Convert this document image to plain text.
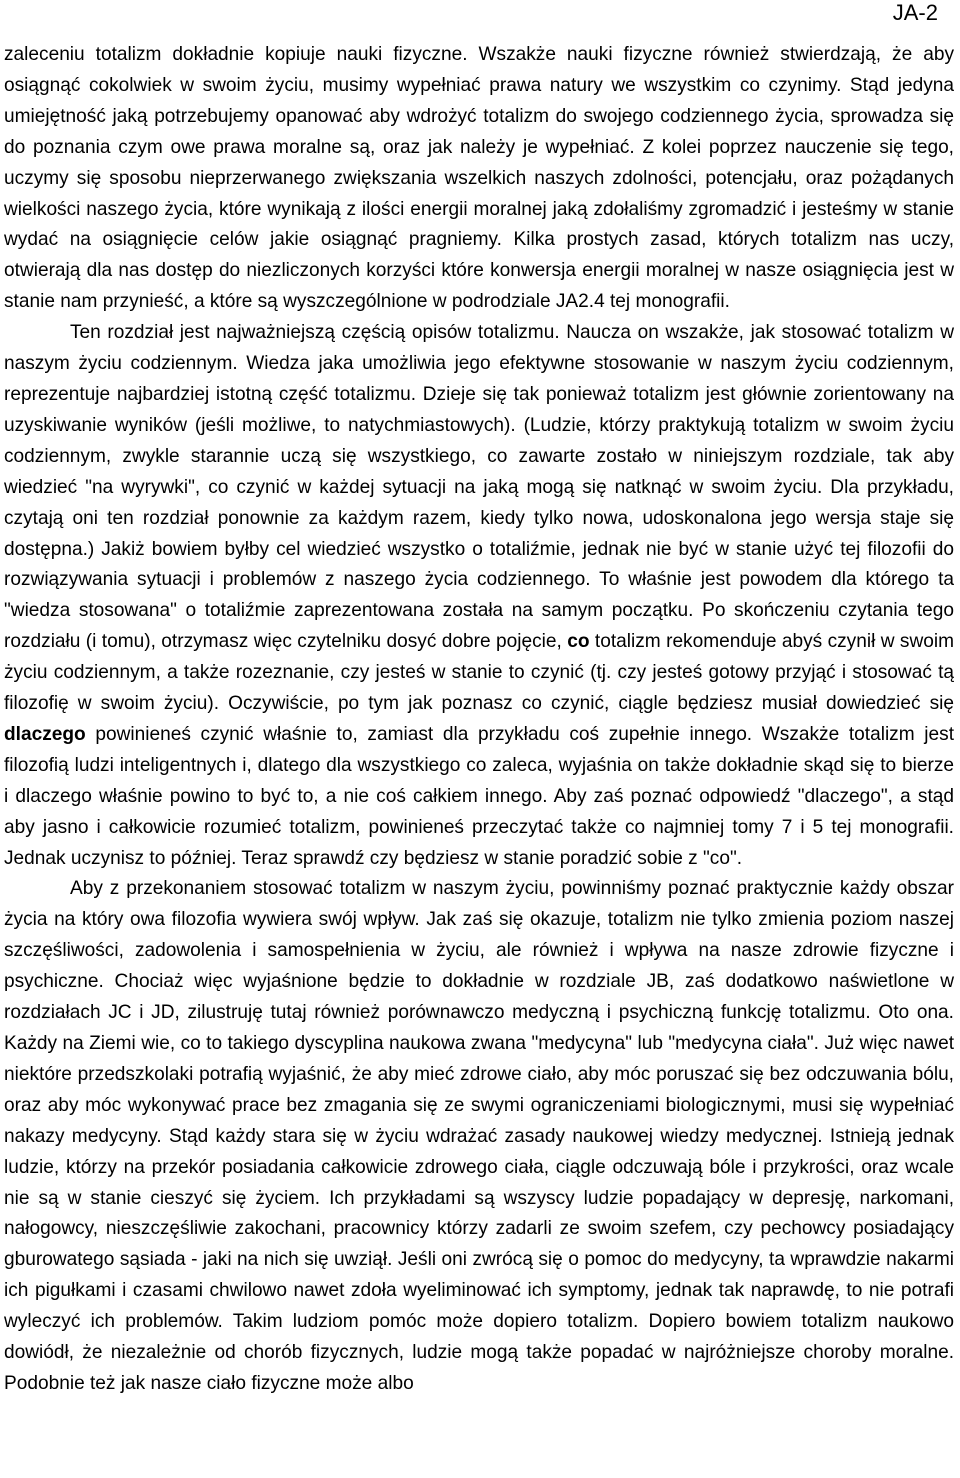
JA-2

zaleceniu totalizm dokładnie kopiuje nauki fizyczne. Wszakże nauki fizyczne również stwierdzają, że aby osiągnąć cokolwiek w swoim życiu, musimy wypełniać prawa natury we wszystkim co czynimy. Stąd jedyna umiejętność jaką potrzebujemy opanować aby wdrożyć totalizm do swojego codziennego życia, sprowadza się do poznania czym owe prawa moralne są, oraz jak należy je wypełniać. Z kolei poprzez nauczenie się tego, uczymy się sposobu nieprzerwanego zwiększania wszelkich naszych zdolności, potencjału, oraz pożądanych wielkości naszego życia, które wynikają z ilości energii moralnej jaką zdołaliśmy zgromadzić i jesteśmy w stanie wydać na osiągnięcie celów jakie osiągnąć pragniemy. Kilka prostych zasad, których totalizm nas uczy, otwierają dla nas dostęp do niezliczonych korzyści które konwersja energii moralnej w nasze osiągnięcia jest w stanie nam przynieść, a które są wyszczególnione w podrodziale JA2.4 tej monografii.

Ten rozdział jest najważniejszą częścią opisów totalizmu. Naucza on wszakże, jak stosować totalizm w naszym życiu codziennym. Wiedza jaka umożliwia jego efektywne stosowanie w naszym życiu codziennym, reprezentuje najbardziej istotną część totalizmu. Dzieje się tak ponieważ totalizm jest głównie zorientowany na uzyskiwanie wyników (jeśli możliwe, to natychmiastowych). (Ludzie, którzy praktykują totalizm w swoim życiu codziennym, zwykle starannie uczą się wszystkiego, co zawarte zostało w niniejszym rozdziale, tak aby wiedzieć "na wyrywki", co czynić w każdej sytuacji na jaką mogą się natknąć w swoim życiu. Dla przykładu, czytają oni ten rozdział ponownie za każdym razem, kiedy tylko nowa, udoskonalona jego wersja staje się dostępna.) Jakiż bowiem byłby cel wiedzieć wszystko o totaliźmie, jednak nie być w stanie użyć tej filozofii do rozwiązywania sytuacji i problemów z naszego życia codziennego. To właśnie jest powodem dla którego ta "wiedza stosowana" o totaliźmie zaprezentowana została na samym początku. Po skończeniu czytania tego rozdziału (i tomu), otrzymasz więc czytelniku dosyć dobre pojęcie, co totalizm rekomenduje abyś czynił w swoim życiu codziennym, a także rozeznanie, czy jesteś w stanie to czynić (tj. czy jesteś gotowy przyjąć i stosować tą filozofię w swoim życiu). Oczywiście, po tym jak poznasz co czynić, ciągle będziesz musiał dowiedzieć się dlaczego powinieneś czynić właśnie to, zamiast dla przykładu coś zupełnie innego. Wszakże totalizm jest filozofią ludzi inteligentnych i, dlatego dla wszystkiego co zaleca, wyjaśnia on także dokładnie skąd się to bierze i dlaczego właśnie powino to być to, a nie coś całkiem innego. Aby zaś poznać odpowiedź "dlaczego", a stąd aby jasno i całkowicie rozumieć totalizm, powinieneś przeczytać także co najmniej tomy 7 i 5 tej monografii. Jednak uczynisz to później. Teraz sprawdź czy będziesz w stanie poradzić sobie z "co".

Aby z przekonaniem stosować totalizm w naszym życiu, powinniśmy poznać praktycznie każdy obszar życia na który owa filozofia wywiera swój wpływ. Jak zaś się okazuje, totalizm nie tylko zmienia poziom naszej szczęśliwości, zadowolenia i samospełnienia w życiu, ale również i wpływa na nasze zdrowie fizyczne i psychiczne. Chociaż więc wyjaśnione będzie to dokładnie w rozdziale JB, zaś dodatkowo naświetlone w rozdziałach JC i JD, zilustruję tutaj również porównawczo medyczną i psychiczną funkcję totalizmu. Oto ona. Każdy na Ziemi wie, co to takiego dyscyplina naukowa zwana "medycyna" lub "medycyna ciała". Już więc nawet niektóre przedszkolaki potrafią wyjaśnić, że aby mieć zdrowe ciało, aby móc poruszać się bez odczuwania bólu, oraz aby móc wykonywać prace bez zmagania się ze swymi ograniczeniami biologicznymi, musi się wypełniać nakazy medycyny. Stąd każdy stara się w życiu wdrażać zasady naukowej wiedzy medycznej. Istnieją jednak ludzie, którzy na przekór posiadania całkowicie zdrowego ciała, ciągle odczuwają bóle i przykrości, oraz wcale nie są w stanie cieszyć się życiem. Ich przykładami są wszyscy ludzie popadający w depresję, narkomani, nałogowcy, nieszczęśliwie zakochani, pracownicy którzy zadarli ze swoim szefem, czy pechowcy posiadający gburowatego sąsiada - jaki na nich się uwziął. Jeśli oni zwrócą się o pomoc do medycyny, ta wprawdzie nakarmi ich pigułkami i czasami chwilowo nawet zdoła wyeliminować ich symptomy, jednak tak naprawdę, to nie potrafi wyleczyć ich problemów. Takim ludziom pomóc może dopiero totalizm. Dopiero bowiem totalizm naukowo dowiódł, że niezależnie od chorób fizycznych, ludzie mogą także popadać w najróżniejsze choroby moralne. Podobnie też jak nasze ciało fizyczne może albo
